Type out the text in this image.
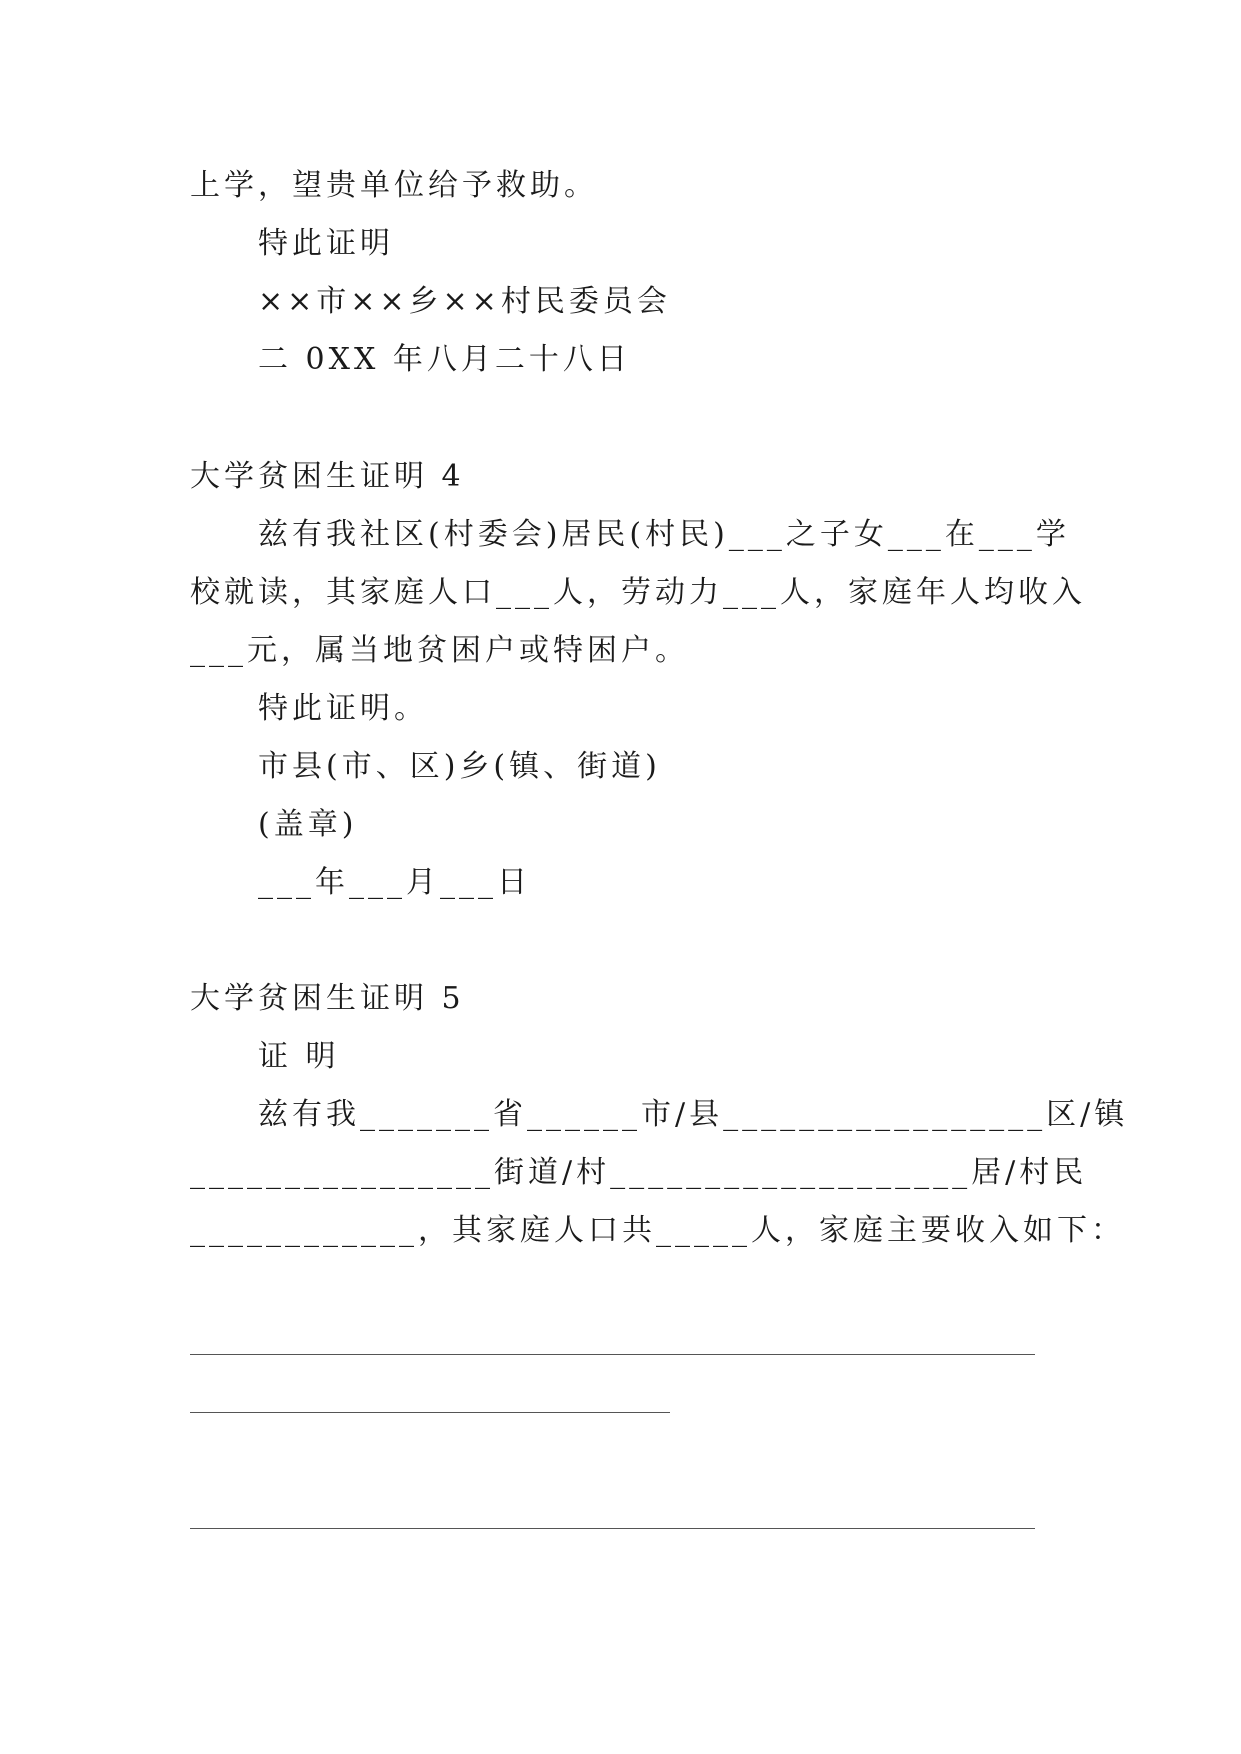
上学，望贵单位给予救助。
特此证明
××市××乡××村民委员会
二 0XX 年八月二十八日
大学贫困生证明 4
兹有我社区(村委会)居民(村民)___之子女___在___学
校就读，其家庭人口___人，劳动力___人，家庭年人均收入
___元，属当地贫困户或特困户。
特此证明。
市县(市、区)乡(镇、街道)
(盖章)
___年___月___日
大学贫困生证明 5
证 明
兹有我_______省______市/县_________________区/镇
________________街道/村___________________居/村民
____________，其家庭人口共_____人，家庭主要收入如下：
